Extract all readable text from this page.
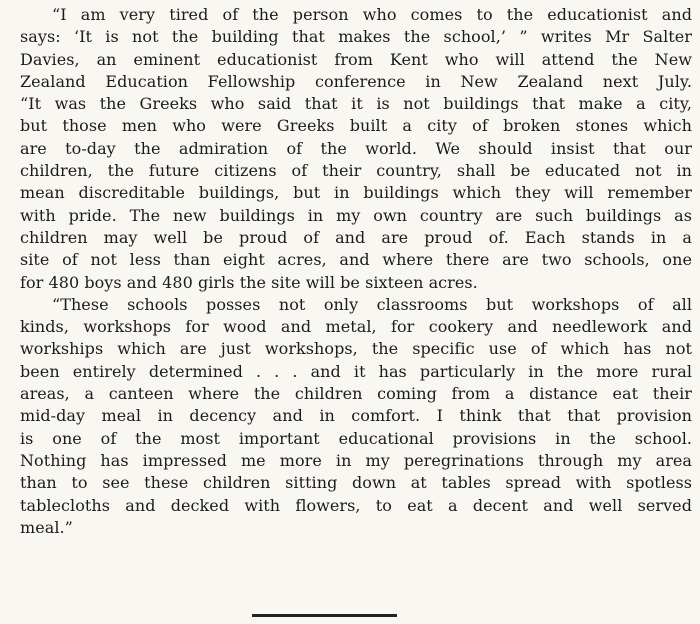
“I am very tired of the person who comes to the educationist and
says: ‘It is not the building that makes the school,’ ” writes Mr Salter
Davies, an eminent educationist from Kent who will attend the New
Zealand Education Fellowship conference in New Zealand next July.
“It was the Greeks who said that it is not buildings that make a city,
but those men who were Greeks built a city of broken stones which
are to-day the admiration of the world. We should insist that our
children, the future citizens of their country, shall be educated not in
mean discreditable buildings, but in buildings which they will remember
with pride. The new buildings in my own country are such buildings as
children may well be proud of and are proud of. Each stands in a
site of not less than eight acres, and where there are two schools, one
for 480 boys and 480 girls the site will be sixteen acres.

“These schools posses not only classrooms but workshops of all
kinds, workshops for wood and metal, for cookery and needlework and
workships which are just workshops, the specific use of which has not
been entirely determined . . . and it has particularly in the more rural
areas, a canteen where the children coming from a distance eat their
mid-day meal in decency and in comfort. I think that that provision
is one of the most important educational provisions in the school.
Nothing has impressed me more in my peregrinations through my area
than to see these children sitting down at tables spread with spotless
tablecloths and decked with flowers, to eat a decent and well served
meal.”
